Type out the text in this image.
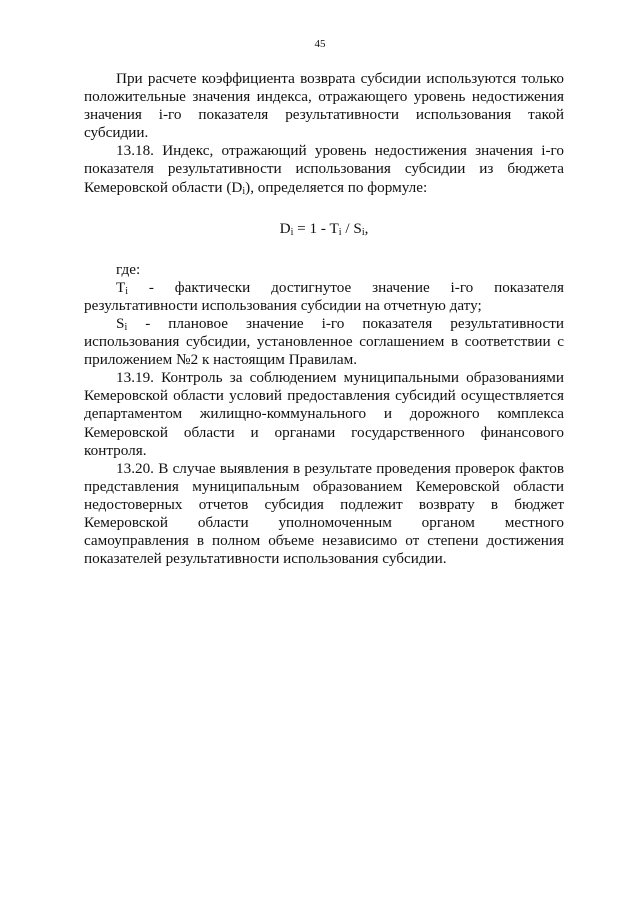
45

При расчете коэффициента возврата субсидии используются только положительные значения индекса, отражающего уровень недостижения значения i-го показателя результативности использования такой субсидии.

13.18. Индекс, отражающий уровень недостижения значения i-го показателя результативности использования субсидии из бюджета Кемеровской области $(D_i)$, определяется по формуле:

$D_i = 1 - T_i / S_i$,

где:

$T_i$ - фактически достигнутое значение i-го показателя результативности использования субсидии на отчетную дату;

$S_i$ - плановое значение i-го показателя результативности использования субсидии, установленное соглашением в соответствии с приложением №2 к настоящим Правилам.

13.19. Контроль за соблюдением муниципальными образованиями Кемеровской области условий предоставления субсидий осуществляется департаментом жилищно-коммунального и дорожного комплекса Кемеровской области и органами государственного финансового контроля.

13.20. В случае выявления в результате проведения проверок фактов представления муниципальным образованием Кемеровской области недостоверных отчетов субсидия подлежит возврату в бюджет Кемеровской области уполномоченным органом местного самоуправления в полном объеме независимо от степени достижения показателей результативности использования субсидии.
